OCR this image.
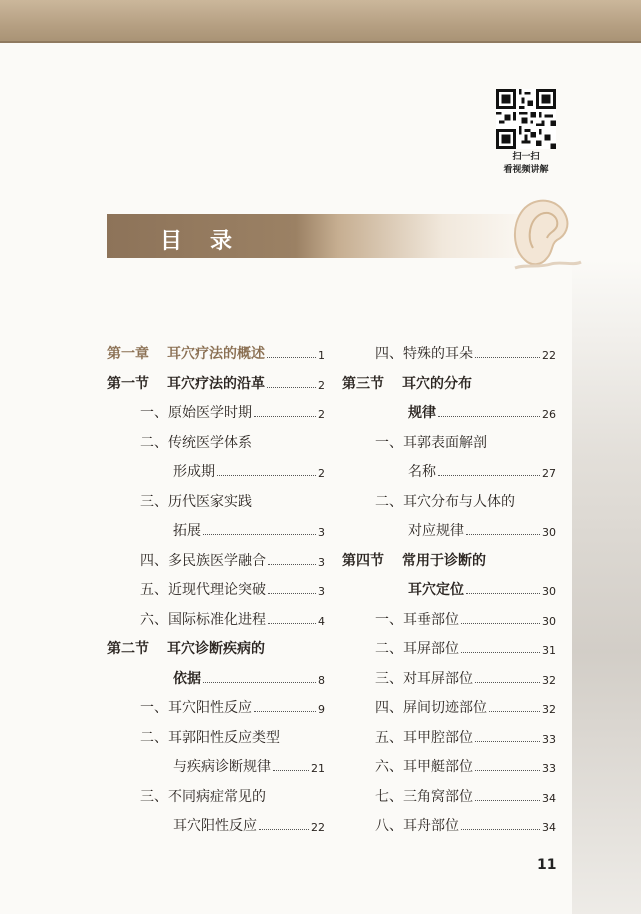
扫一扫
看视频讲解
目录
第一章 耳穴疗法的概述	1
第一节 耳穴疗法的沿革	2
一、原始医学时期	2
二、传统医学体系
形成期	2
三、历代医家实践
拓展	3
四、多民族医学融合	3
五、近现代理论突破	3
六、国际标准化进程	4
第二节 耳穴诊断疾病的
依据	8
一、耳穴阳性反应	9
二、耳郭阳性反应类型
与疾病诊断规律	21
三、不同病症常见的
耳穴阳性反应	22
四、特殊的耳朵	22
第三节 耳穴的分布
规律	26
一、耳郭表面解剖
名称	27
二、耳穴分布与人体的
对应规律	30
第四节 常用于诊断的
耳穴定位	30
一、耳垂部位	30
二、耳屏部位	31
三、对耳屏部位	32
四、屏间切迹部位	32
五、耳甲腔部位	33
六、耳甲艇部位	33
七、三角窝部位	34
八、耳舟部位	34
11
